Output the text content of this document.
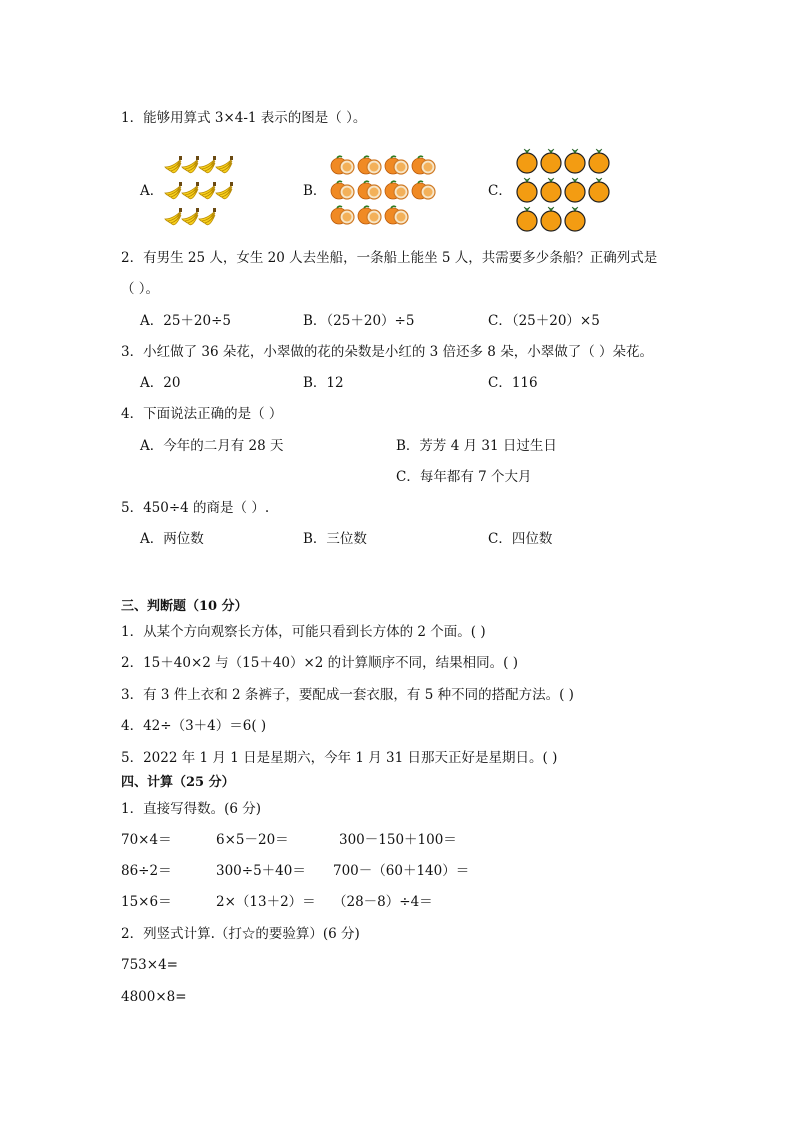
1．能够用算式 3×4-1 表示的图是（ ）。
A．	B．	C．
2．有男生 25 人，女生 20 人去坐船，一条船上能坐 5 人，共需要多少条船？正确列式是
（ ）。
A．25＋20÷5	B．（25＋20）÷5	C．（25＋20）×5
3．小红做了 36 朵花，小翠做的花的朵数是小红的 3 倍还多 8 朵，小翠做了（ ）朵花。
A．20	B．12	C．116
4．下面说法正确的是（ ）
A．今年的二月有 28 天	B．芳芳 4 月 31 日过生日
C．每年都有 7 个大月
5．450÷4 的商是（ ）.
A．两位数	B．三位数	C．四位数
三、判断题（10 分）
1．从某个方向观察长方体，可能只看到长方体的 2 个面。( )
2．15＋40×2 与（15＋40）×2 的计算顺序不同，结果相同。( )
3．有 3 件上衣和 2 条裤子，要配成一套衣服，有 5 种不同的搭配方法。( )
4．42÷（3＋4）＝6( )
5．2022 年 1 月 1 日是星期六，今年 1 月 31 日那天正好是星期日。( )
四、计算（25 分）
1．直接写得数。(6 分)
70×4＝	6×5－20＝	300－150＋100＝
86÷2＝	300÷5＋40＝ 700－（60＋140）＝
15×6＝	2×（13＋2）＝ （28－8）÷4＝
2．列竖式计算.（打☆的要验算）(6 分)
753×4=
4800×8=
